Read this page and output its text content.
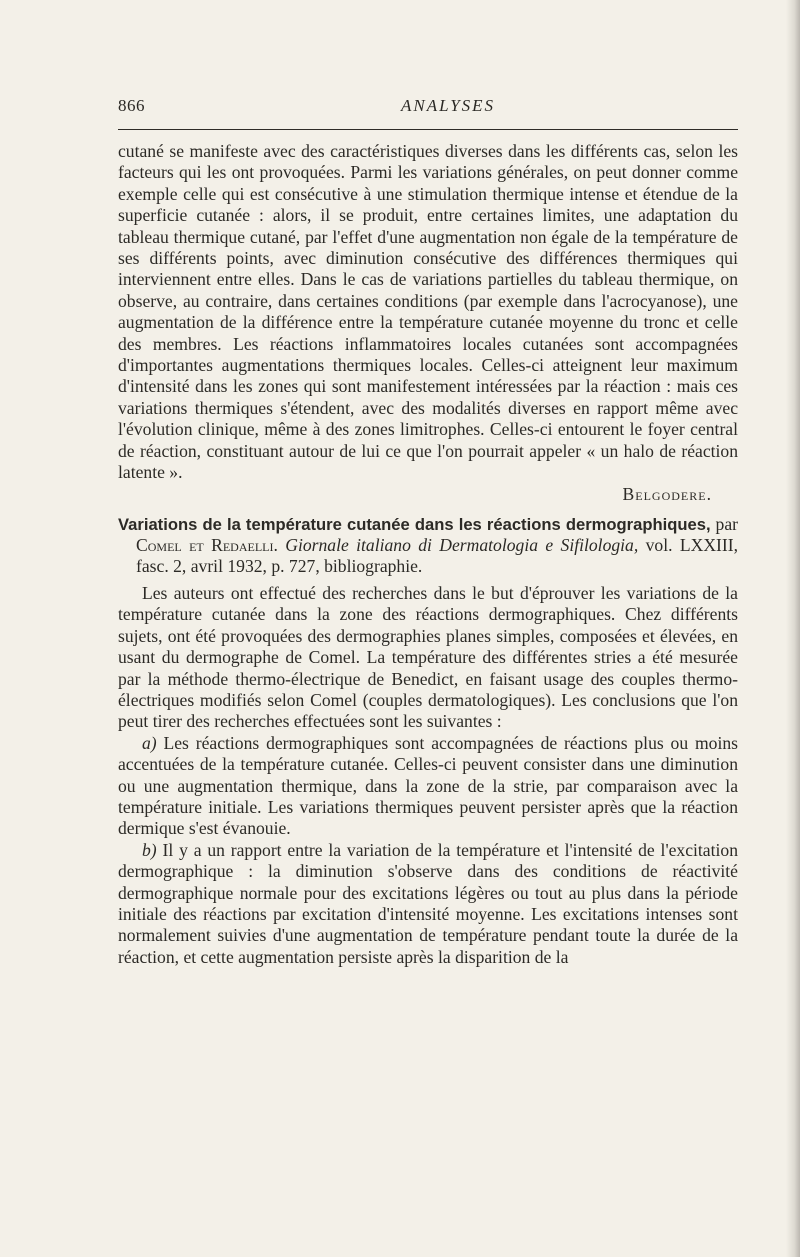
866	ANALYSES

cutané se manifeste avec des caractéristiques diverses dans les différents cas, selon les facteurs qui les ont provoquées. Parmi les variations générales, on peut donner comme exemple celle qui est consécutive à une stimulation thermique intense et étendue de la superficie cutanée : alors, il se produit, entre certaines limites, une adaptation du tableau thermique cutané, par l'effet d'une augmentation non égale de la température de ses différents points, avec diminution consécutive des différences thermiques qui interviennent entre elles. Dans le cas de variations partielles du tableau thermique, on observe, au contraire, dans certaines conditions (par exemple dans l'acrocyanose), une augmentation de la différence entre la température cutanée moyenne du tronc et celle des membres. Les réactions inflammatoires locales cutanées sont accompagnées d'importantes augmentations thermiques locales. Celles-ci atteignent leur maximum d'intensité dans les zones qui sont manifestement intéressées par la réaction : mais ces variations thermiques s'étendent, avec des modalités diverses en rapport même avec l'évolution clinique, même à des zones limitrophes. Celles-ci entourent le foyer central de réaction, constituant autour de lui ce que l'on pourrait appeler « un halo de réaction latente ».

Belgodere.

Variations de la température cutanée dans les réactions dermographiques, par Comel et Redaelli. Giornale italiano di Dermatologia e Sifilologia, vol. LXXIII, fasc. 2, avril 1932, p. 727, bibliographie.

Les auteurs ont effectué des recherches dans le but d'éprouver les variations de la température cutanée dans la zone des réactions dermographiques. Chez différents sujets, ont été provoquées des dermographies planes simples, composées et élevées, en usant du dermographe de Comel. La température des différentes stries a été mesurée par la méthode thermo-électrique de Benedict, en faisant usage des couples thermo-électriques modifiés selon Comel (couples dermatologiques). Les conclusions que l'on peut tirer des recherches effectuées sont les suivantes :

a) Les réactions dermographiques sont accompagnées de réactions plus ou moins accentuées de la température cutanée. Celles-ci peuvent consister dans une diminution ou une augmentation thermique, dans la zone de la strie, par comparaison avec la température initiale. Les variations thermiques peuvent persister après que la réaction dermique s'est évanouie.

b) Il y a un rapport entre la variation de la température et l'intensité de l'excitation dermographique : la diminution s'observe dans des conditions de réactivité dermographique normale pour des excitations légères ou tout au plus dans la période initiale des réactions par excitation d'intensité moyenne. Les excitations intenses sont normalement suivies d'une augmentation de température pendant toute la durée de la réaction, et cette augmentation persiste après la disparition de la
